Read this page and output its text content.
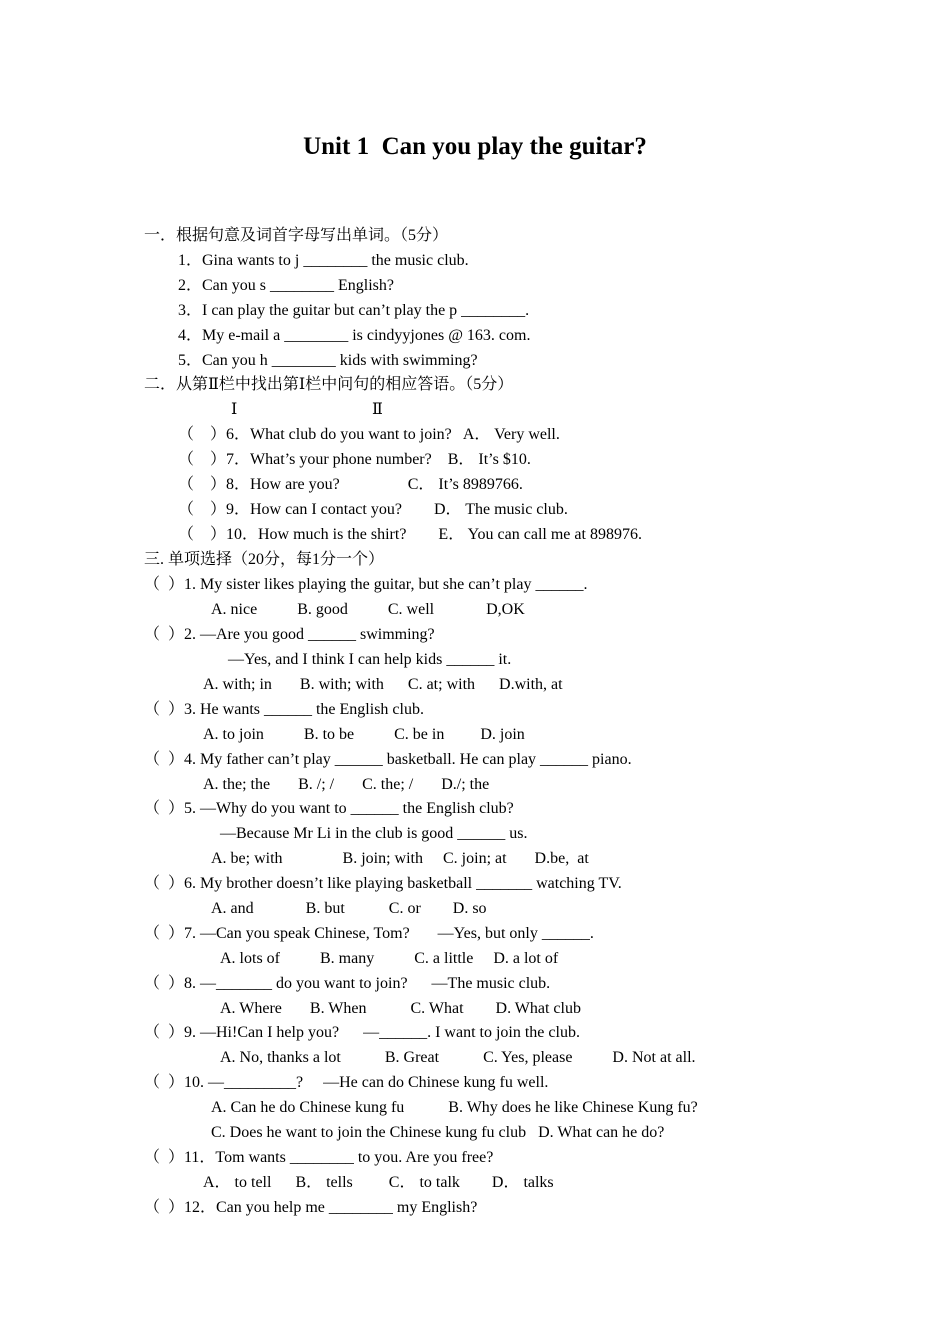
Unit 1  Can you play the guitar?
一．根据句意及词首字母写出单词。（5分）
1．Gina wants to j ________ the music club.
2．Can you s ________ English?
3．I can play the guitar but can’t play the p ________.
4．My e-mail a ________ is cindyyjones @ 163. com.
5．Can you h ________ kids with swimming?
二．从第Ⅱ栏中找出第Ⅰ栏中问句的相应答语。（5分）
Ⅰ	Ⅱ
（    ）6．What club do you want to join?   A． Very well.
（    ）7．What’s your phone number?    B． It’s $10.
（    ）8．How are you?                 C． It’s 8989766.
（    ）9．How can I contact you?        D． The music club.
（    ）10．How much is the shirt?        E． You can call me at 898976.
三. 单项选择（20分，每1分一个）
（  ）1. My sister likes playing the guitar, but she can’t play ______.
A. nice          B. good          C. well             D,OK
（  ）2. —Are you good ______ swimming?
—Yes, and I think I can help kids ______ it.
A. with; in       B. with; with      C. at; with      D.with, at
（  ）3. He wants ______ the English club.
A. to join          B. to be          C. be in         D. join
（  ）4. My father can’t play ______ basketball. He can play ______ piano.
A. the; the       B. /; /       C. the; /       D./; the
（  ）5. —Why do you want to ______ the English club?
—Because Mr Li in the club is good ______ us.
A. be; with               B. join; with     C. join; at       D.be,  at
（  ）6. My brother doesn’t like playing basketball _______ watching TV.
A. and             B. but           C. or        D. so
（  ）7. —Can you speak Chinese, Tom?       —Yes, but only ______.
A. lots of          B. many          C. a little     D. a lot of
（  ）8. —_______ do you want to join?      —The music club.
A. Where       B. When           C. What        D. What club
（  ）9. —Hi!Can I help you?      —______. I want to join the club.
A. No, thanks a lot           B. Great           C. Yes, please          D. Not at all.
（  ）10. —_________?     —He can do Chinese kung fu well.
A. Can he do Chinese kung fu           B. Why does he like Chinese Kung fu?
C. Does he want to join the Chinese kung fu club   D. What can he do?
（  ）11．Tom wants ________ to you. Are you free?
A． to tell      B． tells         C． to talk        D． talks
（  ）12．Can you help me ________ my English?
